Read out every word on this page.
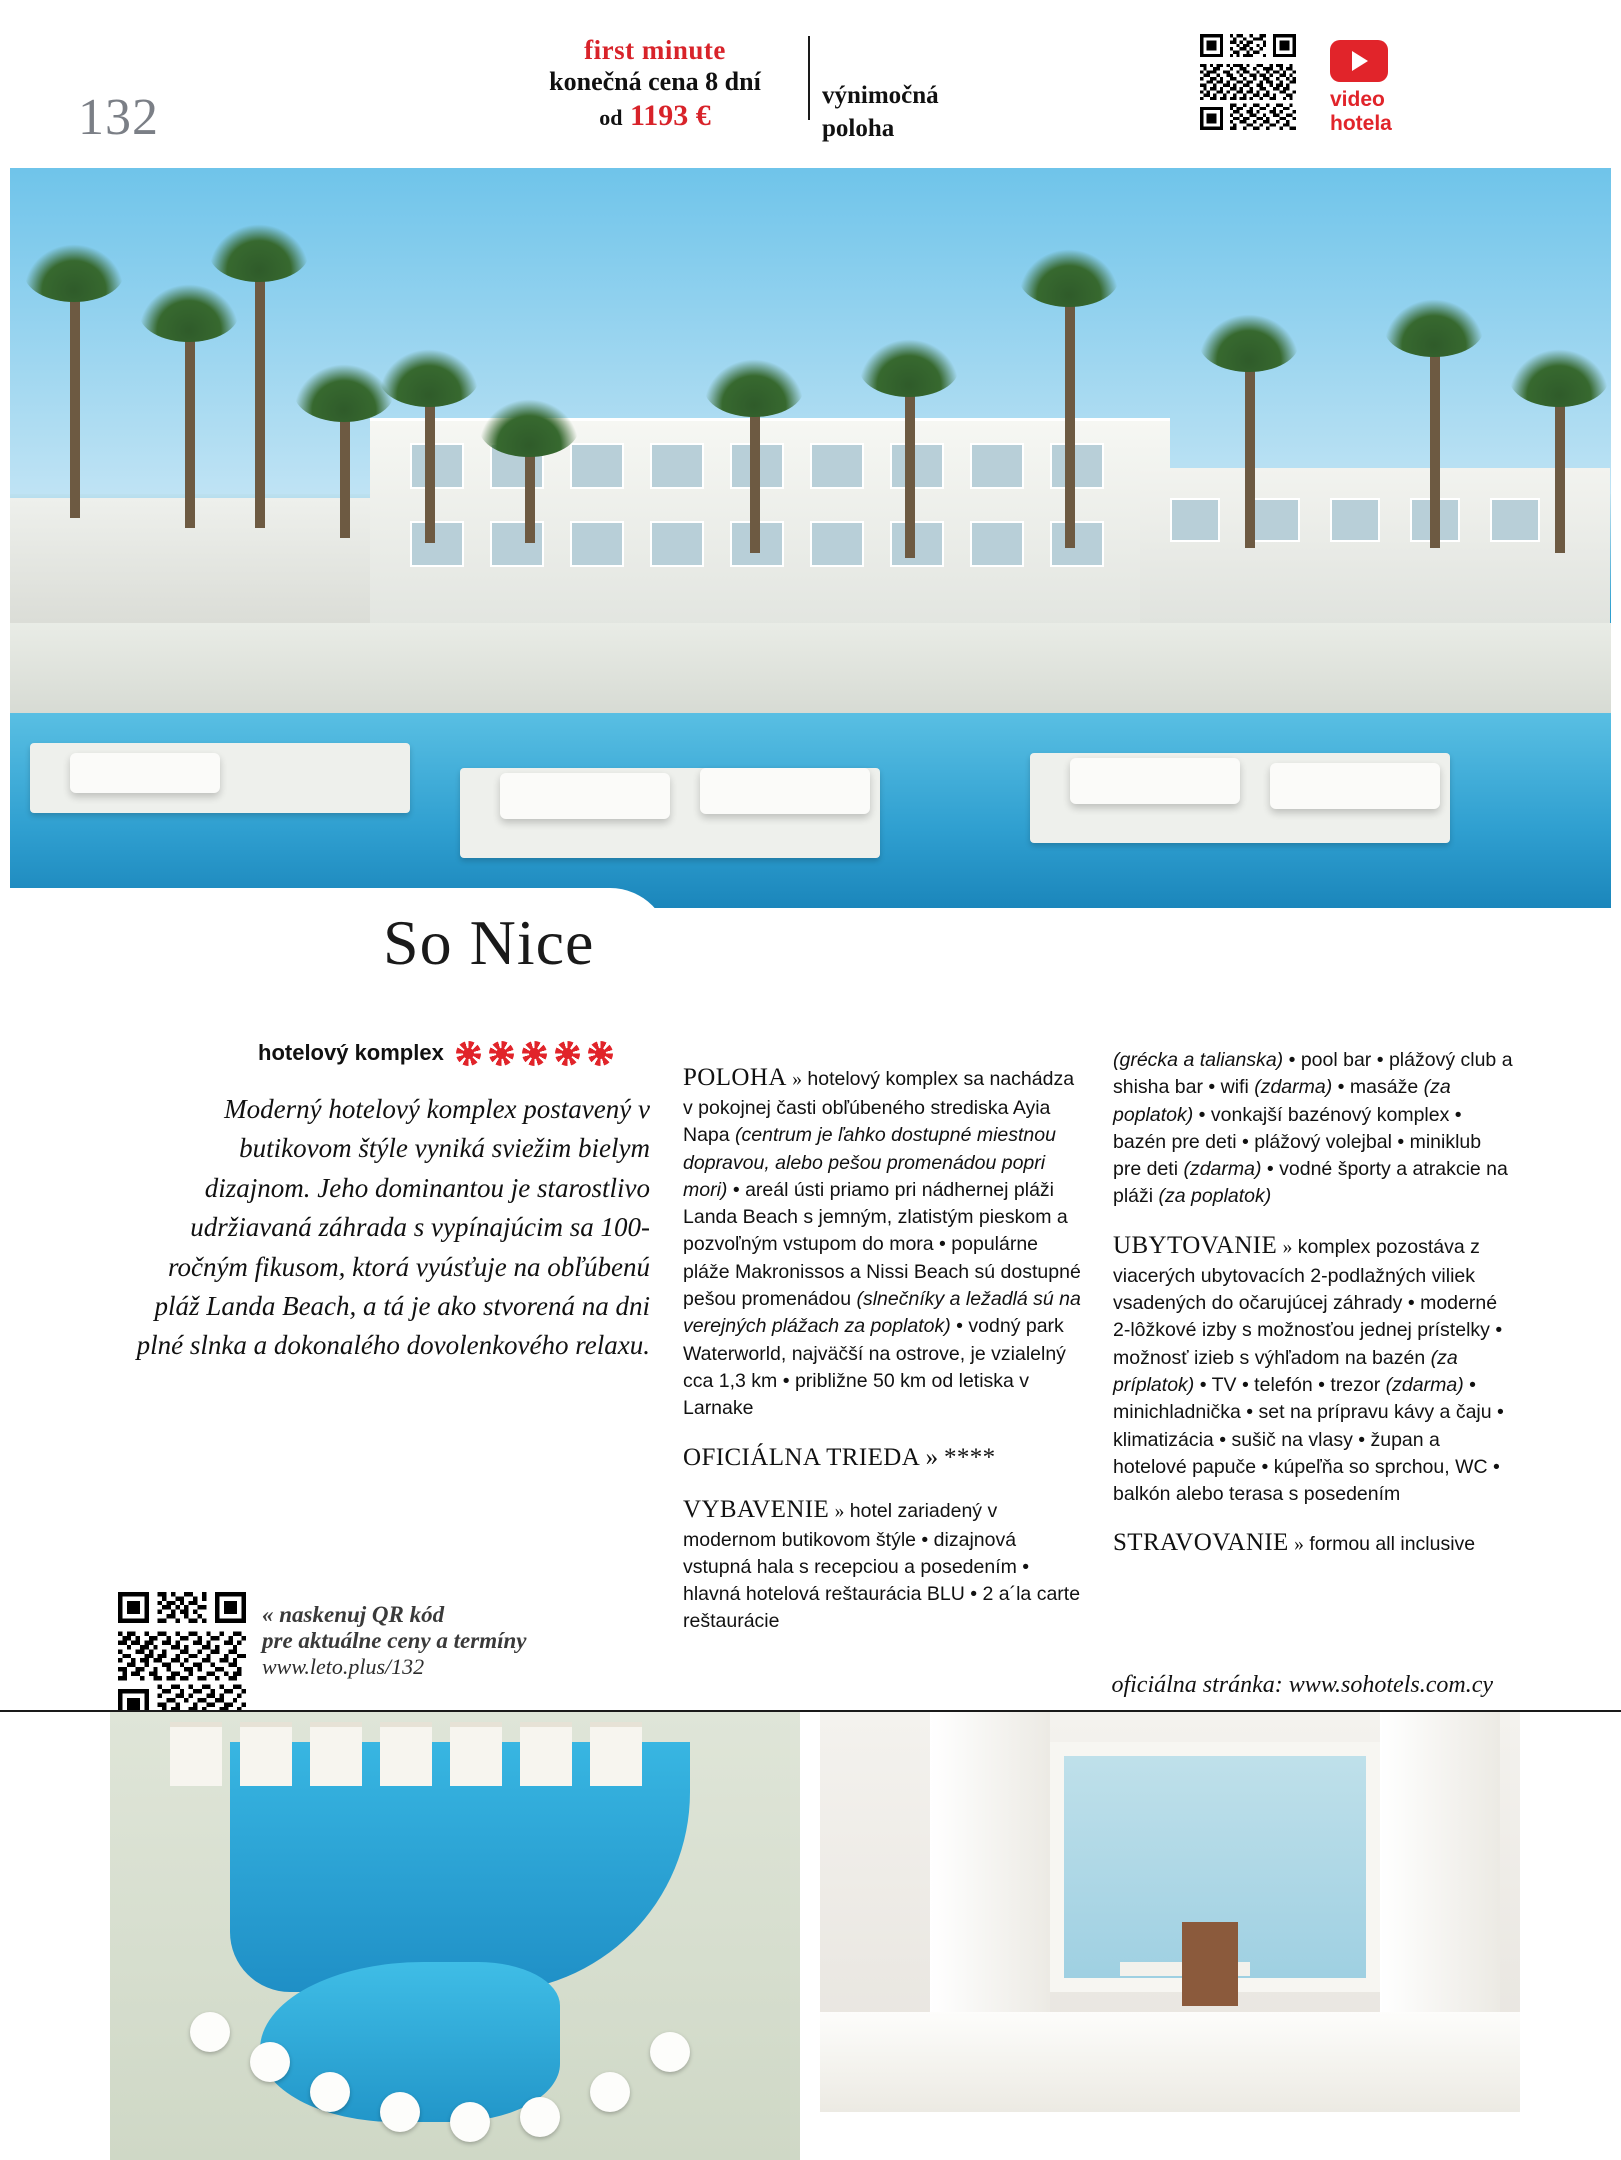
132
first minute
konečná cena 8 dní
od 1193 €
výnimočná
poloha
video
hotela
So Nice
hotelový komplex
Moderný hotelový komplex postavený v butikovom štýle vyniká sviežim bielym dizajnom. Jeho dominantou je starostlivo udržiavaná záhrada s vypínajúcim sa 100-ročným fikusom, ktorá vyúsťuje na obľúbenú pláž Landa Beach, a tá je ako stvorená na dni plné slnka a dokonalého dovolenkového relaxu.
POLOHA » hotelový komplex sa nachádza v pokojnej časti obľúbeného strediska Ayia Napa (centrum je ľahko dostupné miestnou dopravou, alebo pešou promenádou popri mori) • areál ústi priamo pri nádhernej pláži Landa Beach s jemným, zlatistým pieskom a pozvoľným vstupom do mora • populárne pláže Makronissos a Nissi Beach sú dostupné pešou promenádou (slnečníky a ležadlá sú na verejných plážach za poplatok) • vodný park Waterworld, najväčší na ostrove, je vzialelný cca 1,3 km • približne 50 km od letiska v Larnake
OFICIÁLNA TRIEDA » ****
VYBAVENIE » hotel zariadený v modernom butikovom štýle • dizajnová vstupná hala s recepciou a posedením • hlavná hotelová reštaurácia BLU • 2 a´la carte reštaurácie
(grécka a talianska) • pool bar • plážový club a shisha bar • wifi (zdarma) • masáže (za poplatok) • vonkajší bazénový komplex • bazén pre deti • plážový volejbal • miniklub pre deti (zdarma) • vodné športy a atrakcie na pláži (za poplatok)
UBYTOVANIE » komplex pozostáva z viacerých ubytovacích 2-podlažných viliek vsadených do očarujúcej záhrady • moderné 2-lôžkové izby s možnosťou jednej prístelky • možnosť izieb s výhľadom na bazén (za príplatok) • TV • telefón • trezor (zdarma) • minichladnička • set na prípravu kávy a čaju • klimatizácia • sušič na vlasy • župan a hotelové papuče • kúpeľňa so sprchou, WC • balkón alebo terasa s posedením
STRAVOVANIE » formou all inclusive
« naskenuj QR kód
pre aktuálne ceny a termíny
www.leto.plus/132
oficiálna stránka: www.sohotels.com.cy
